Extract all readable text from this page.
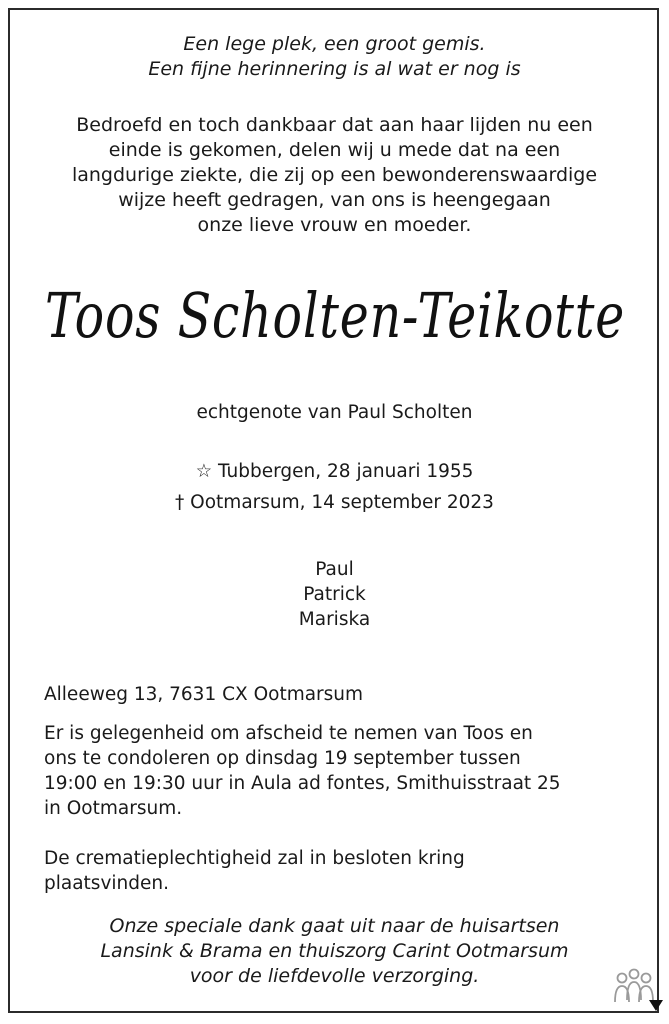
Een lege plek, een groot gemis.
Een fijne herinnering is al wat er nog is
Bedroefd en toch dankbaar dat aan haar lijden nu een
einde is gekomen, delen wij u mede dat na een
langdurige ziekte, die zij op een bewonderenswaardige
wijze heeft gedragen, van ons is heengegaan
onze lieve vrouw en moeder.
Toos Scholten-Teikotte
echtgenote van Paul Scholten
☆ Tubbergen, 28 januari 1955
† Ootmarsum, 14 september 2023
Paul
Patrick
Mariska
Alleeweg 13, 7631 CX Ootmarsum
Er is gelegenheid om afscheid te nemen van Toos en
ons te condoleren op dinsdag 19 september tussen
19:00 en 19:30 uur in Aula ad fontes, Smithuisstraat 25
in Ootmarsum.
De crematieplechtigheid zal in besloten kring
plaatsvinden.
Onze speciale dank gaat uit naar de huisartsen
Lansink & Brama en thuiszorg Carint Ootmarsum
voor de liefdevolle verzorging.
